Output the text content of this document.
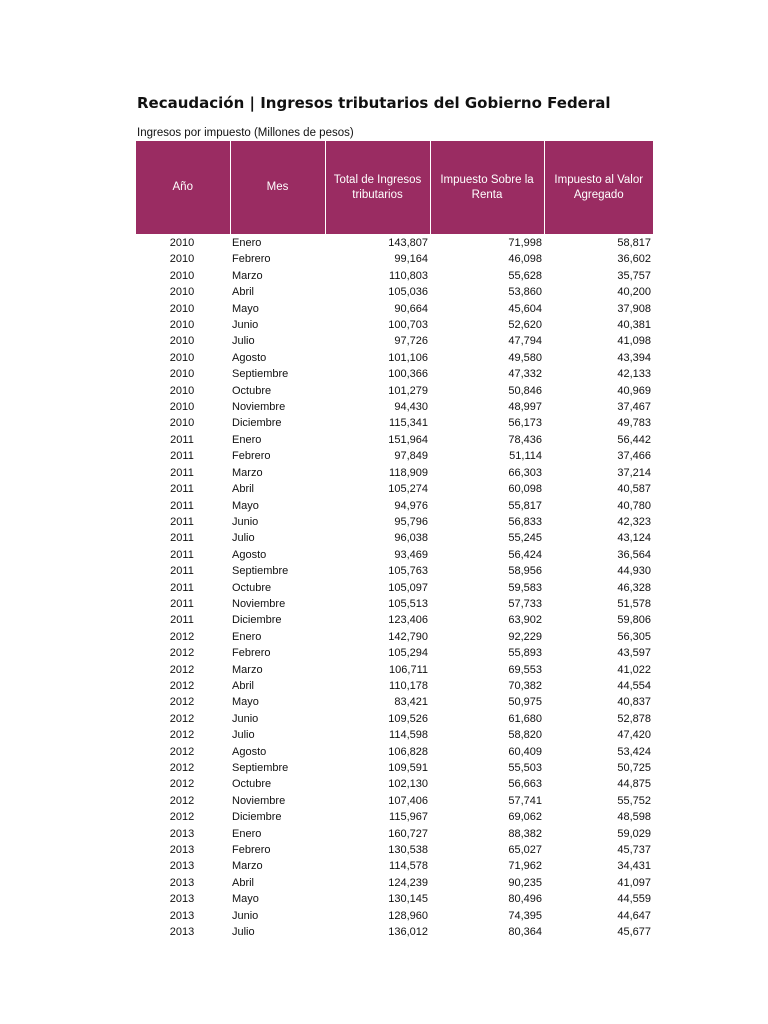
Recaudación | Ingresos tributarios del Gobierno Federal
Ingresos por impuesto (Millones de pesos)
Año	Mes	Total de Ingresos tributarios	Impuesto Sobre la Renta	Impuesto al Valor Agregado
2010	Enero	143,807	71,998	58,817
2010	Febrero	99,164	46,098	36,602
2010	Marzo	110,803	55,628	35,757
2010	Abril	105,036	53,860	40,200
2010	Mayo	90,664	45,604	37,908
2010	Junio	100,703	52,620	40,381
2010	Julio	97,726	47,794	41,098
2010	Agosto	101,106	49,580	43,394
2010	Septiembre	100,366	47,332	42,133
2010	Octubre	101,279	50,846	40,969
2010	Noviembre	94,430	48,997	37,467
2010	Diciembre	115,341	56,173	49,783
2011	Enero	151,964	78,436	56,442
2011	Febrero	97,849	51,114	37,466
2011	Marzo	118,909	66,303	37,214
2011	Abril	105,274	60,098	40,587
2011	Mayo	94,976	55,817	40,780
2011	Junio	95,796	56,833	42,323
2011	Julio	96,038	55,245	43,124
2011	Agosto	93,469	56,424	36,564
2011	Septiembre	105,763	58,956	44,930
2011	Octubre	105,097	59,583	46,328
2011	Noviembre	105,513	57,733	51,578
2011	Diciembre	123,406	63,902	59,806
2012	Enero	142,790	92,229	56,305
2012	Febrero	105,294	55,893	43,597
2012	Marzo	106,711	69,553	41,022
2012	Abril	110,178	70,382	44,554
2012	Mayo	83,421	50,975	40,837
2012	Junio	109,526	61,680	52,878
2012	Julio	114,598	58,820	47,420
2012	Agosto	106,828	60,409	53,424
2012	Septiembre	109,591	55,503	50,725
2012	Octubre	102,130	56,663	44,875
2012	Noviembre	107,406	57,741	55,752
2012	Diciembre	115,967	69,062	48,598
2013	Enero	160,727	88,382	59,029
2013	Febrero	130,538	65,027	45,737
2013	Marzo	114,578	71,962	34,431
2013	Abril	124,239	90,235	41,097
2013	Mayo	130,145	80,496	44,559
2013	Junio	128,960	74,395	44,647
2013	Julio	136,012	80,364	45,677
